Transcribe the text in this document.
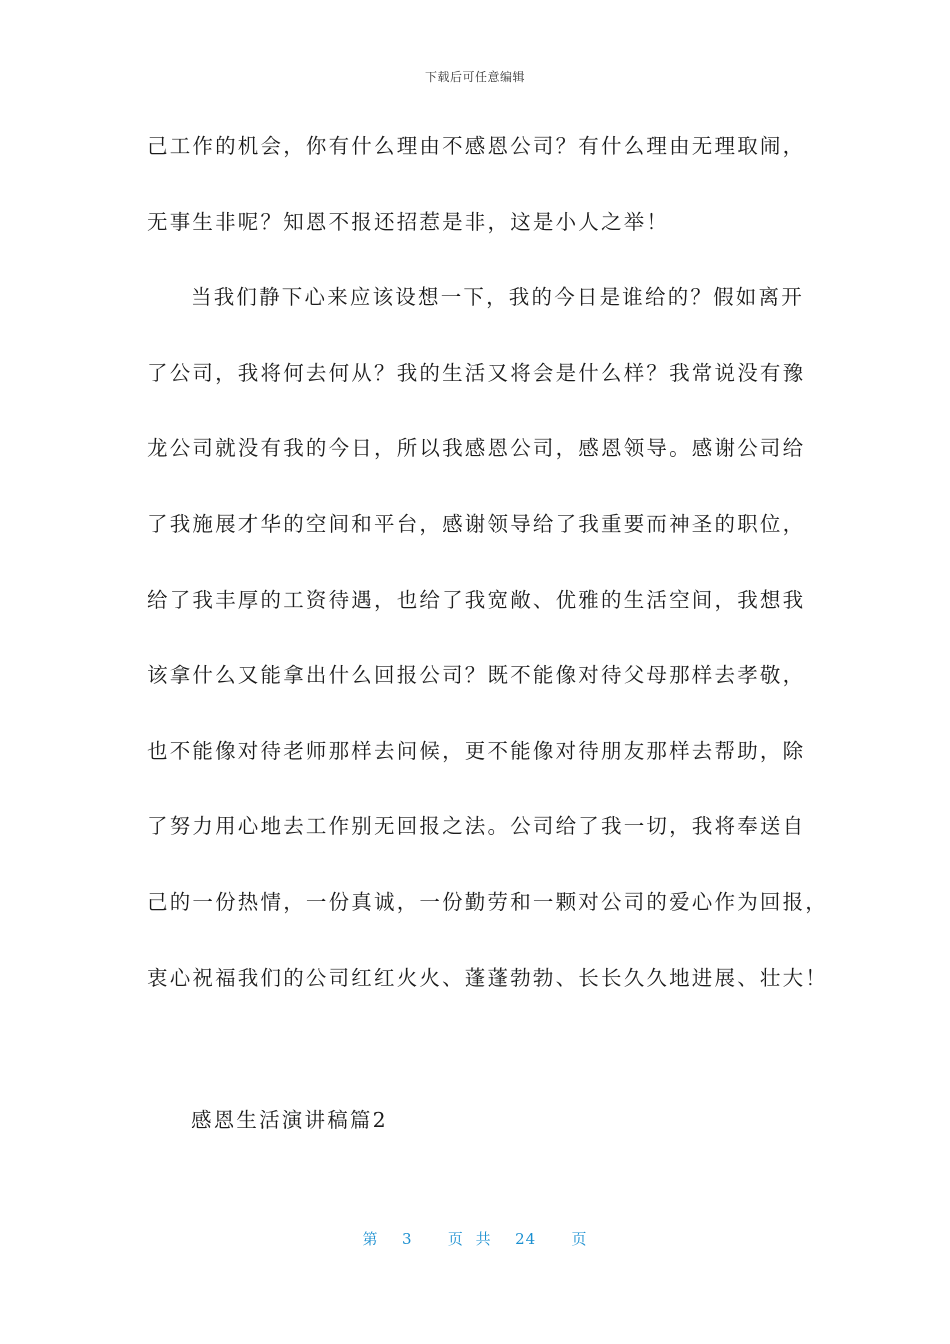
下载后可任意编辑
己工作的机会，你有什么理由不感恩公司？有什么理由无理取闹，
无事生非呢？知恩不报还招惹是非，这是小人之举！
当我们静下心来应该设想一下，我的今日是谁给的？假如离开
了公司，我将何去何从？我的生活又将会是什么样？我常说没有豫
龙公司就没有我的今日，所以我感恩公司，感恩领导。感谢公司给
了我施展才华的空间和平台，感谢领导给了我重要而神圣的职位，
给了我丰厚的工资待遇，也给了我宽敞、优雅的生活空间，我想我
该拿什么又能拿出什么回报公司？既不能像对待父母那样去孝敬，
也不能像对待老师那样去问候，更不能像对待朋友那样去帮助，除
了努力用心地去工作别无回报之法。公司给了我一切，我将奉送自
己的一份热情，一份真诚，一份勤劳和一颗对公司的爱心作为回报，
衷心祝福我们的公司红红火火、蓬蓬勃勃、长长久久地进展、壮大！
感恩生活演讲稿篇2
第  3   页 共  24   页
